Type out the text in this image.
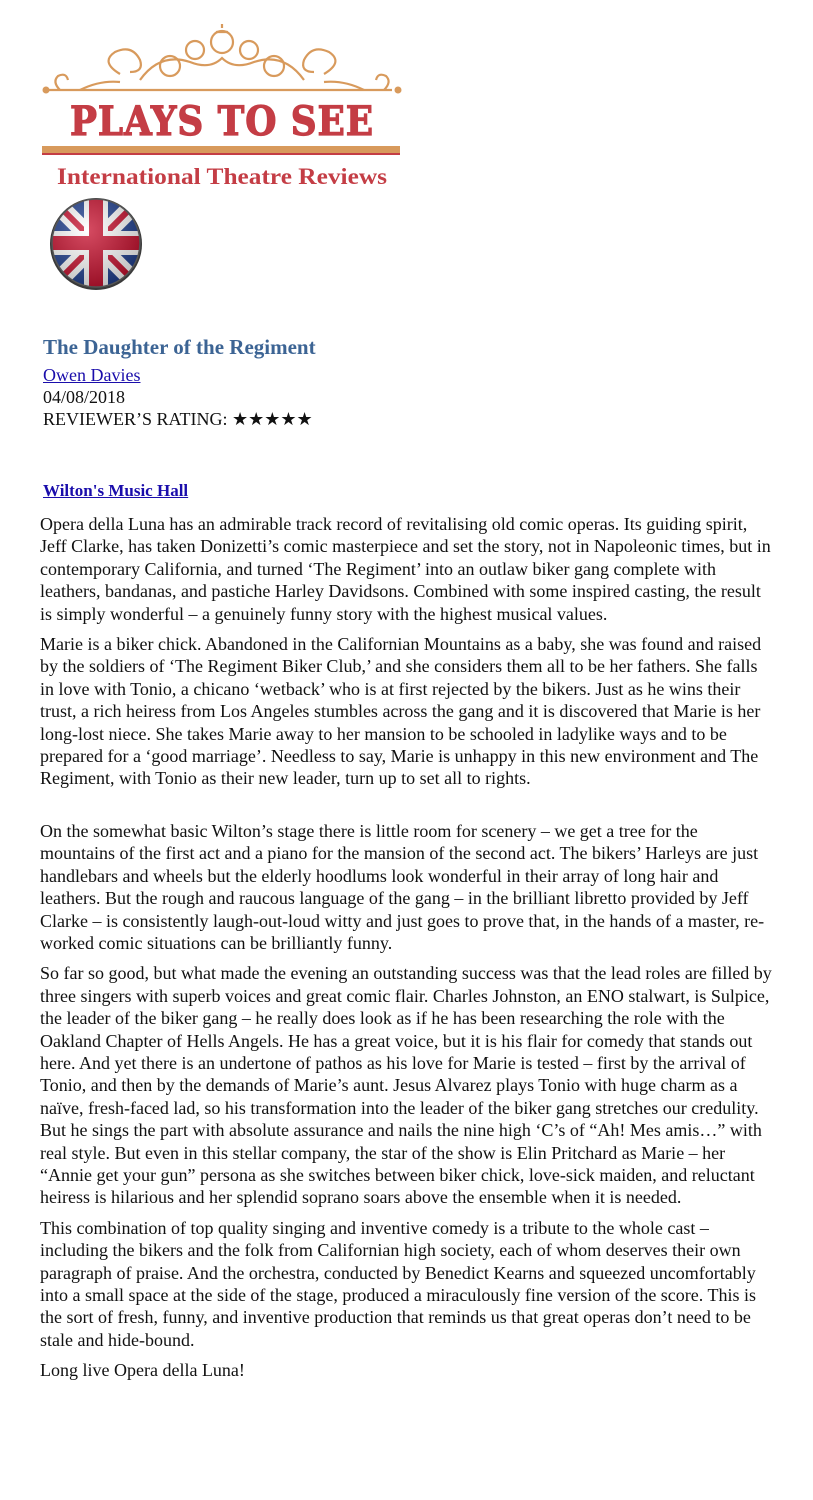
PLAYS TO SEE
International Theatre Reviews
The Daughter of the Regiment
Owen Davies
04/08/2018
REVIEWER’S RATING: ★★★★★
Wilton's Music Hall

Opera della Luna has an admirable track record of revitalising old comic operas. Its guiding spirit, Jeff Clarke, has taken Donizetti’s comic masterpiece and set the story, not in Napoleonic times, but in contemporary California, and turned ‘The Regiment’ into an outlaw biker gang complete with leathers, bandanas, and pastiche Harley Davidsons. Combined with some inspired casting, the result is simply wonderful – a genuinely funny story with the highest musical values.

Marie is a biker chick. Abandoned in the Californian Mountains as a baby, she was found and raised by the soldiers of ‘The Regiment Biker Club,’ and she considers them all to be her fathers. She falls in love with Tonio, a chicano ‘wetback’ who is at first rejected by the bikers. Just as he wins their trust, a rich heiress from Los Angeles stumbles across the gang and it is discovered that Marie is her long-lost niece. She takes Marie away to her mansion to be schooled in ladylike ways and to be prepared for a ‘good marriage’. Needless to say, Marie is unhappy in this new environment and The Regiment, with Tonio as their new leader, turn up to set all to rights.

On the somewhat basic Wilton’s stage there is little room for scenery – we get a tree for the mountains of the first act and a piano for the mansion of the second act. The bikers’ Harleys are just handlebars and wheels but the elderly hoodlums look wonderful in their array of long hair and leathers. But the rough and raucous language of the gang – in the brilliant libretto provided by Jeff Clarke – is consistently laugh-out-loud witty and just goes to prove that, in the hands of a master, re-worked comic situations can be brilliantly funny.

So far so good, but what made the evening an outstanding success was that the lead roles are filled by three singers with superb voices and great comic flair. Charles Johnston, an ENO stalwart, is Sulpice, the leader of the biker gang – he really does look as if he has been researching the role with the Oakland Chapter of Hells Angels. He has a great voice, but it is his flair for comedy that stands out here. And yet there is an undertone of pathos as his love for Marie is tested – first by the arrival of Tonio, and then by the demands of Marie’s aunt. Jesus Alvarez plays Tonio with huge charm as a naïve, fresh-faced lad, so his transformation into the leader of the biker gang stretches our credulity. But he sings the part with absolute assurance and nails the nine high ‘C’s of “Ah! Mes amis…” with real style. But even in this stellar company, the star of the show is Elin Pritchard as Marie – her “Annie get your gun” persona as she switches between biker chick, love-sick maiden, and reluctant heiress is hilarious and her splendid soprano soars above the ensemble when it is needed.

This combination of top quality singing and inventive comedy is a tribute to the whole cast – including the bikers and the folk from Californian high society, each of whom deserves their own paragraph of praise. And the orchestra, conducted by Benedict Kearns and squeezed uncomfortably into a small space at the side of the stage, produced a miraculously fine version of the score. This is the sort of fresh, funny, and inventive production that reminds us that great operas don’t need to be stale and hide-bound.

Long live Opera della Luna!
